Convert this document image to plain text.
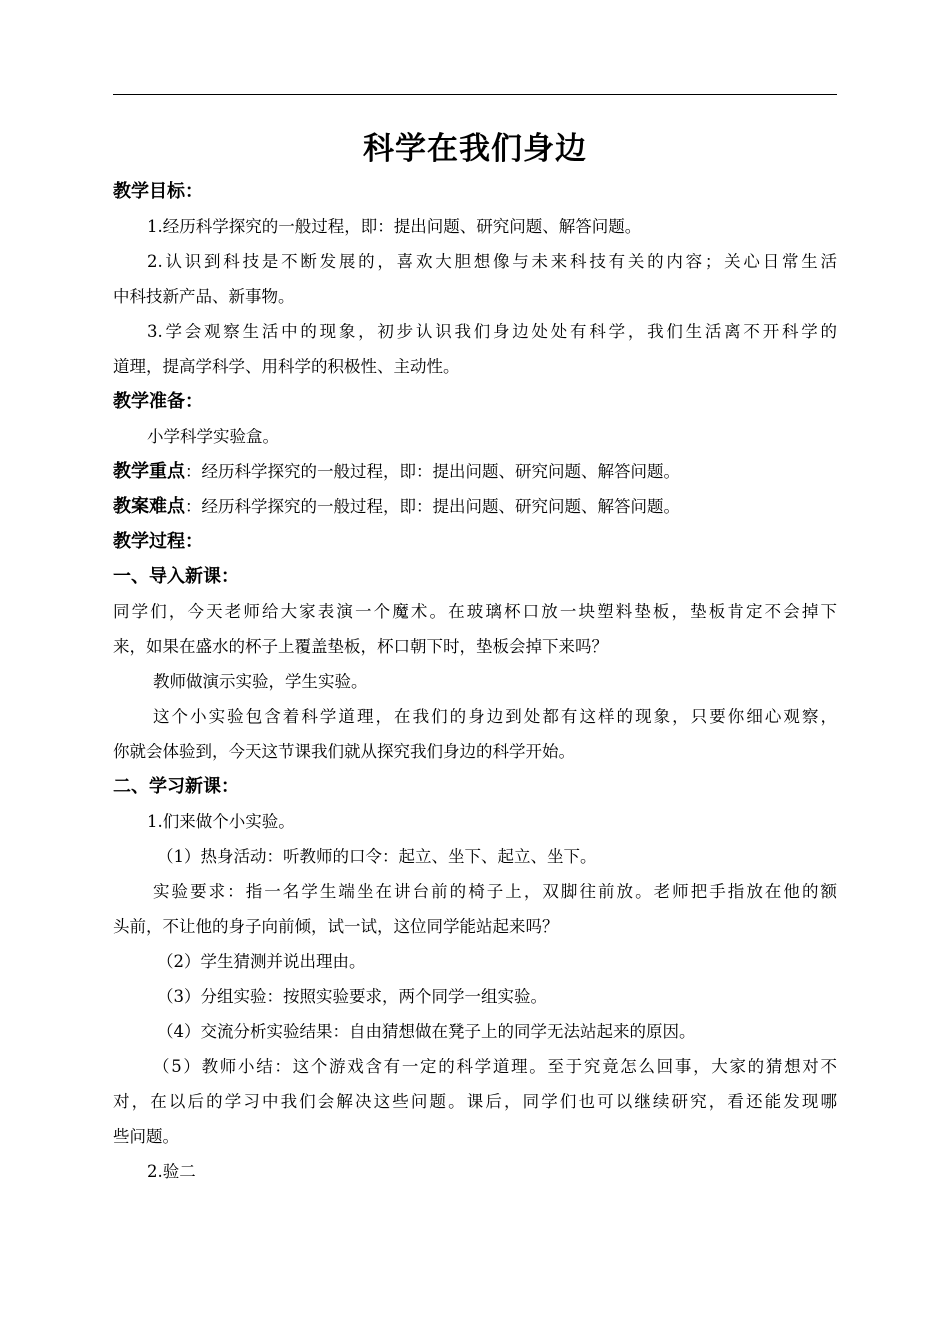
科学在我们身边
教学目标：
1.经历科学探究的一般过程，即：提出问题、研究问题、解答问题。
2.认识到科技是不断发展的，喜欢大胆想像与未来科技有关的内容；关心日常生活
中科技新产品、新事物。
3.学会观察生活中的现象，初步认识我们身边处处有科学，我们生活离不开科学的
道理，提高学科学、用科学的积极性、主动性。
教学准备：
小学科学实验盒。
教学重点：经历科学探究的一般过程，即：提出问题、研究问题、解答问题。
教案难点：经历科学探究的一般过程，即：提出问题、研究问题、解答问题。
教学过程：
一、导入新课：
同学们，今天老师给大家表演一个魔术。在玻璃杯口放一块塑料垫板，垫板肯定不会掉下
来，如果在盛水的杯子上覆盖垫板，杯口朝下时，垫板会掉下来吗？
教师做演示实验，学生实验。
这个小实验包含着科学道理，在我们的身边到处都有这样的现象，只要你细心观察，
你就会体验到，今天这节课我们就从探究我们身边的科学开始。
二、学习新课：
1.们来做个小实验。
（1）热身活动：听教师的口令：起立、坐下、起立、坐下。
实验要求：指一名学生端坐在讲台前的椅子上，双脚往前放。老师把手指放在他的额
头前，不让他的身子向前倾，试一试，这位同学能站起来吗？
（2）学生猜测并说出理由。
（3）分组实验：按照实验要求，两个同学一组实验。
（4）交流分析实验结果：自由猜想做在凳子上的同学无法站起来的原因。
（5）教师小结：这个游戏含有一定的科学道理。至于究竟怎么回事，大家的猜想对不
对，在以后的学习中我们会解决这些问题。课后，同学们也可以继续研究，看还能发现哪
些问题。
2.验二
